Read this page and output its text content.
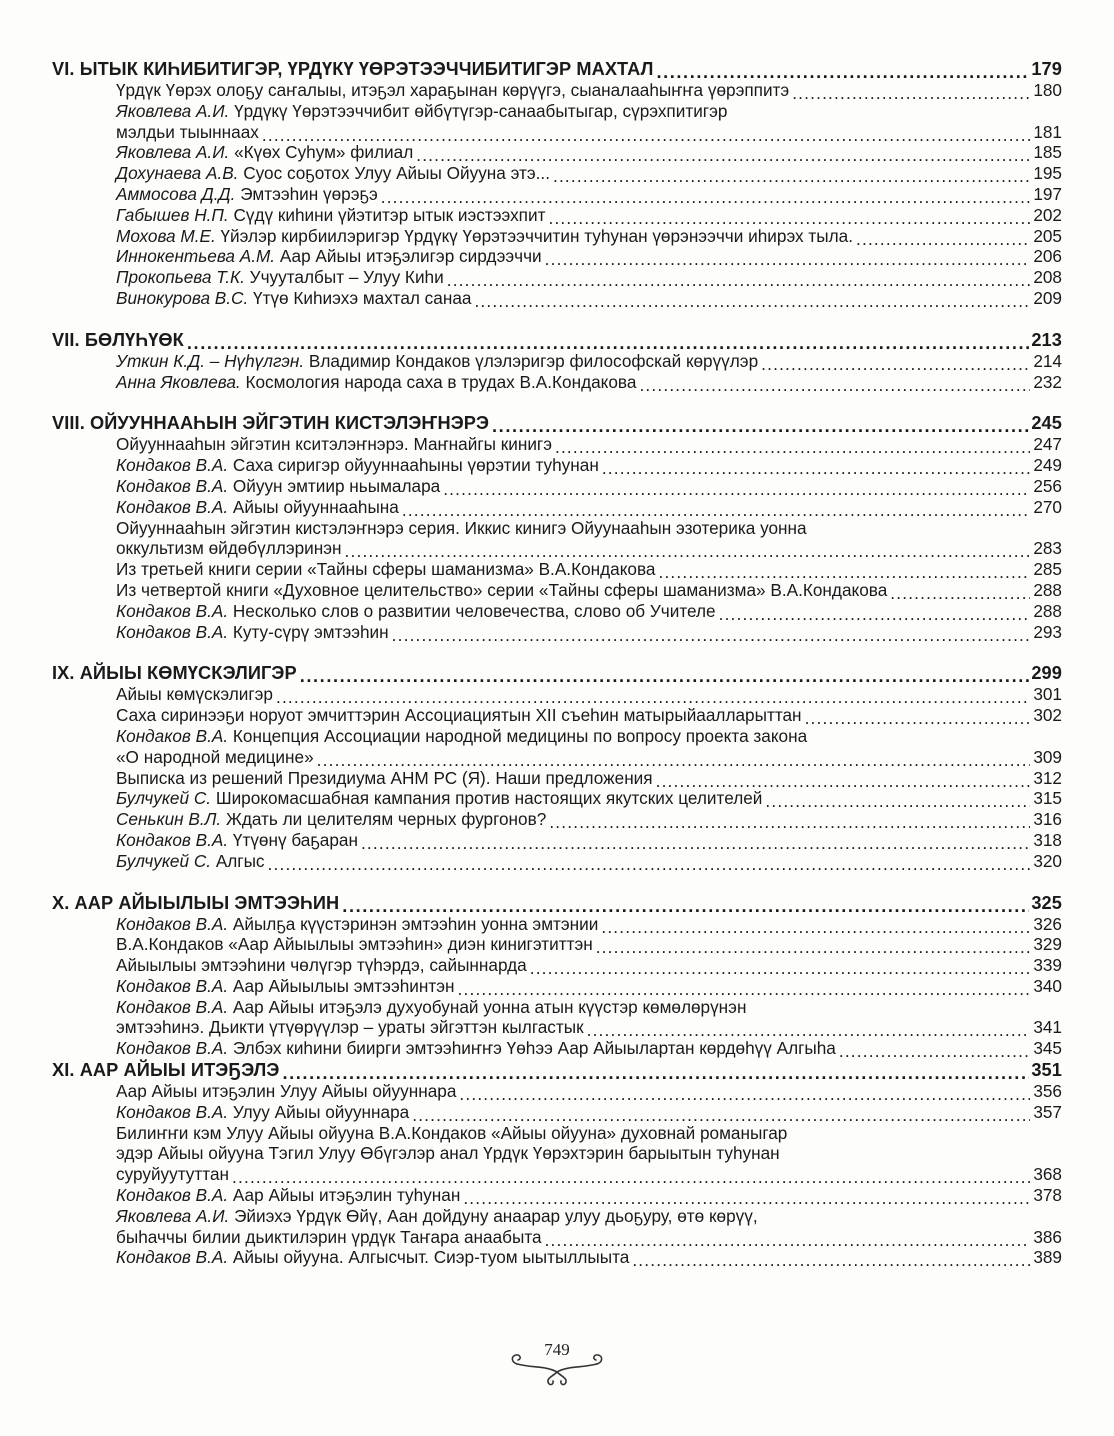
VI. ЫТЫК КИҺИБИТИГЭР, ҮРДҮКҮ ҮӨРЭТЭЭЧЧИБИТИГЭР МАХТАЛ .....	179
Үрдүк Үөрэх олоҕу саҥалыы, итэҕэл хараҕынан көрүүгэ, сыаналааһыҥҥа үөрэппитэ .....	180
Яковлева А.И. Үрдүкү Үөрэтээччибит өйбүтүгэр-санаабытыгар, сүрэхпитигэр
мэлдьи тыыннаах .....	181
Яковлева А.И. «Күөх Суһум» филиал .....	185
Дохунаева А.В. Суос соҕотох Улуу Айыы Ойууна этэ... .....	195
Аммосова Д.Д. Эмтээһин үөрэҕэ .....	197
Габышев Н.П. Сүдү киһини үйэтитэр ытык иэстээхпит .....	202
Мохова М.Е. Үйэлэр кирбиилэригэр Үрдүкү Үөрэтээччитин туһунан үөрэнээччи иһирэх тыла. .....	205
Иннокентьева А.М. Аар Айыы итэҕэлигэр сирдээччи .....	206
Прокопьева Т.К. Учууталбыт – Улуу Киһи .....	208
Винокурова В.С. Үтүө Киһиэхэ махтал санаа .....	209
VII. БӨЛҮҺҮӨК .....	213
Уткин К.Д. – Нүһүлгэн. Владимир Кондаков үлэлэригэр философскай көрүүлэр .....	214
Анна Яковлева. Космология народа саха в трудах В.А.Кондакова .....	232
VIII. ОЙУУННААҺЫН ЭЙГЭТИН КИСТЭЛЭҤНЭРЭ .....	245
Ойууннааһын эйгэтин кситэлэҥнэрэ. Маҥнайгы кинигэ .....	247
Кондаков В.А. Саха сиригэр ойууннааһыны үөрэтии туһунан .....	249
Кондаков В.А. Ойуун эмтиир ньымалара .....	256
Кондаков В.А. Айыы ойууннааһына .....	270
Ойууннааһын эйгэтин кистэлэҥнэрэ серия. Иккис кинигэ Ойуунааһын эзотерика уонна
оккультизм өйдөбүллэринэн .....	283
Из третьей книги серии «Тайны сферы шаманизма» В.А.Кондакова .....	285
Из четвертой книги «Духовное целительство» серии «Тайны сферы шаманизма» В.А.Кондакова .....	288
Кондаков В.А. Несколько слов о развитии человечества, слово об Учителе .....	288
Кондаков В.А. Куту-сүрү эмтээһин .....	293
IX. АЙЫЫ КӨМҮСКЭЛИГЭР .....	299
Айыы көмүскэлигэр .....	301
Саха сиринээҕи норуот эмчиттэрин Ассоциациятын XII съеһин матырыйаалларыттан .....	302
Кондаков В.А. Концепция Ассоциации народной медицины по вопросу проекта закона
«О народной медицине» .....	309
Выписка из решений Президиума АНМ РС (Я). Наши предложения .....	312
Булчукей С. Широкомасшабная кампания против настоящих якутских целителей .....	315
Сенькин В.Л. Ждать ли целителям черных фургонов? .....	316
Кондаков В.А. Үтүөнү баҕаран .....	318
Булчукей С. Алгыс .....	320
X. ААР АЙЫЫЛЫЫ ЭМТЭЭҺИН .....	325
Кондаков В.А. Айылҕа күүстэринэн эмтээһин уонна эмтэнии .....	326
В.А.Кондаков «Аар Айыылыы эмтээһин» диэн кинигэтиттэн .....	329
Айыылыы эмтээһини чөлүгэр түһэрдэ, сайыннарда .....	339
Кондаков В.А. Аар Айыылыы эмтээһинтэн .....	340
Кондаков В.А. Аар Айыы итэҕэлэ духуобунай уонна атын күүстэр көмөлөрүнэн
эмтээһинэ. Дьикти үтүөрүүлэр – ураты эйгэттэн кылгастык .....	341
Кондаков В.А. Элбэх киһини биирги эмтээһиҥҥэ Үөһээ Аар Айыылартан көрдөһүү Алгыһа .....	345
XI. ААР АЙЫЫ ИТЭҔЭЛЭ .....	351
Аар Айыы итэҕэлин Улуу Айыы ойууннара .....	356
Кондаков В.А. Улуу Айыы ойууннара .....	357
Билиҥҥи кэм Улуу Айыы ойууна В.А.Кондаков «Айыы ойууна» духовнай романыгар
эдэр Айыы ойууна Тэгил Улуу Өбүгэлэр анал Үрдүк Үөрэхтэрин барыытын туһунан
суруйуутуттан .....	368
Кондаков В.А. Аар Айыы итэҕэлин туһунан .....	378
Яковлева А.И. Эйиэхэ Үрдүк Өйү, Аан дойдуну анаарар улуу дьоҕуру, өтө көрүү,
быһаччы билии дьиктилэрин үрдүк Таҥара анаабыта .....	386
Кондаков В.А. Айыы ойууна. Алгысчыт. Сиэр-туом ыытыллыыта .....	389
749
